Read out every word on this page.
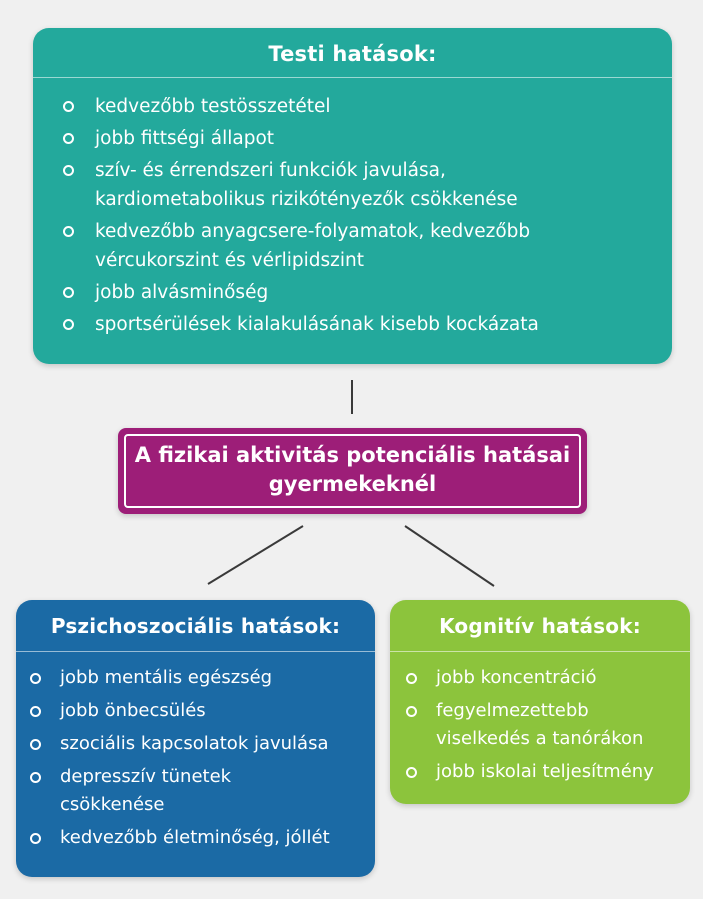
Testi hatások:
kedvezőbb testösszetétel
jobb fittségi állapot
szív- és érrendszeri funkciók javulása, kardiometabolikus rizikótényezők csökkenése
kedvezőbb anyagcsere-folyamatok, kedvezőbb vércukorszint és vérlipidszint
jobb alvásminőség
sportsérülések kialakulásának kisebb kockázata
A fizikai aktivitás potenciális hatásai
gyermekeknél
Pszichoszociális hatások:
jobb mentális egészség
jobb önbecsülés
szociális kapcsolatok javulása
depresszív tünetek csökkenése
kedvezőbb életminőség, jóllét
Kognitív hatások:
jobb koncentráció
fegyelmezettebb viselkedés a tanórákon
jobb iskolai teljesítmény
